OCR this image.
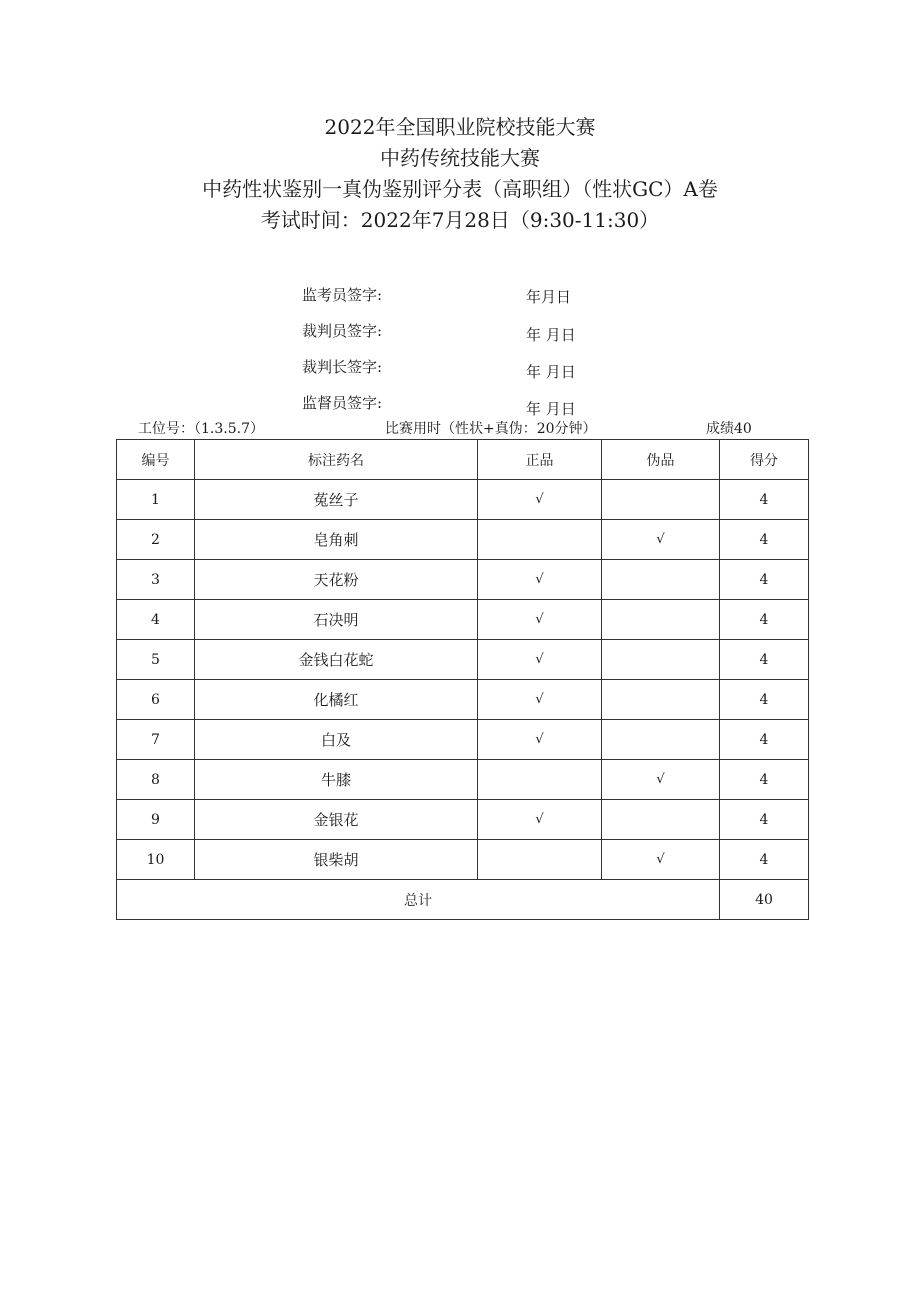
2022年全国职业院校技能大赛
中药传统技能大赛
中药性状鉴别一真伪鉴别评分表（高职组）（性状GC）A卷
考试时间：2022年7月28日（9:30-11:30）
监考员签字:	年月日
裁判员签字:	年 月日
裁判长签字:	年 月日
监督员签字:	年 月日
工位号：（1.3.5.7）	比赛用时（性状+真伪：20分钟）	成绩40
编号	标注药名	正品	伪品	得分
1	菟丝子	√		4
2	皂角刺		√	4
3	天花粉	√		4
4	石决明	√		4
5	金钱白花蛇	√		4
6	化橘红	√		4
7	白及	√		4
8	牛膝		√	4
9	金银花	√		4
10	银柴胡		√	4
总计				40
